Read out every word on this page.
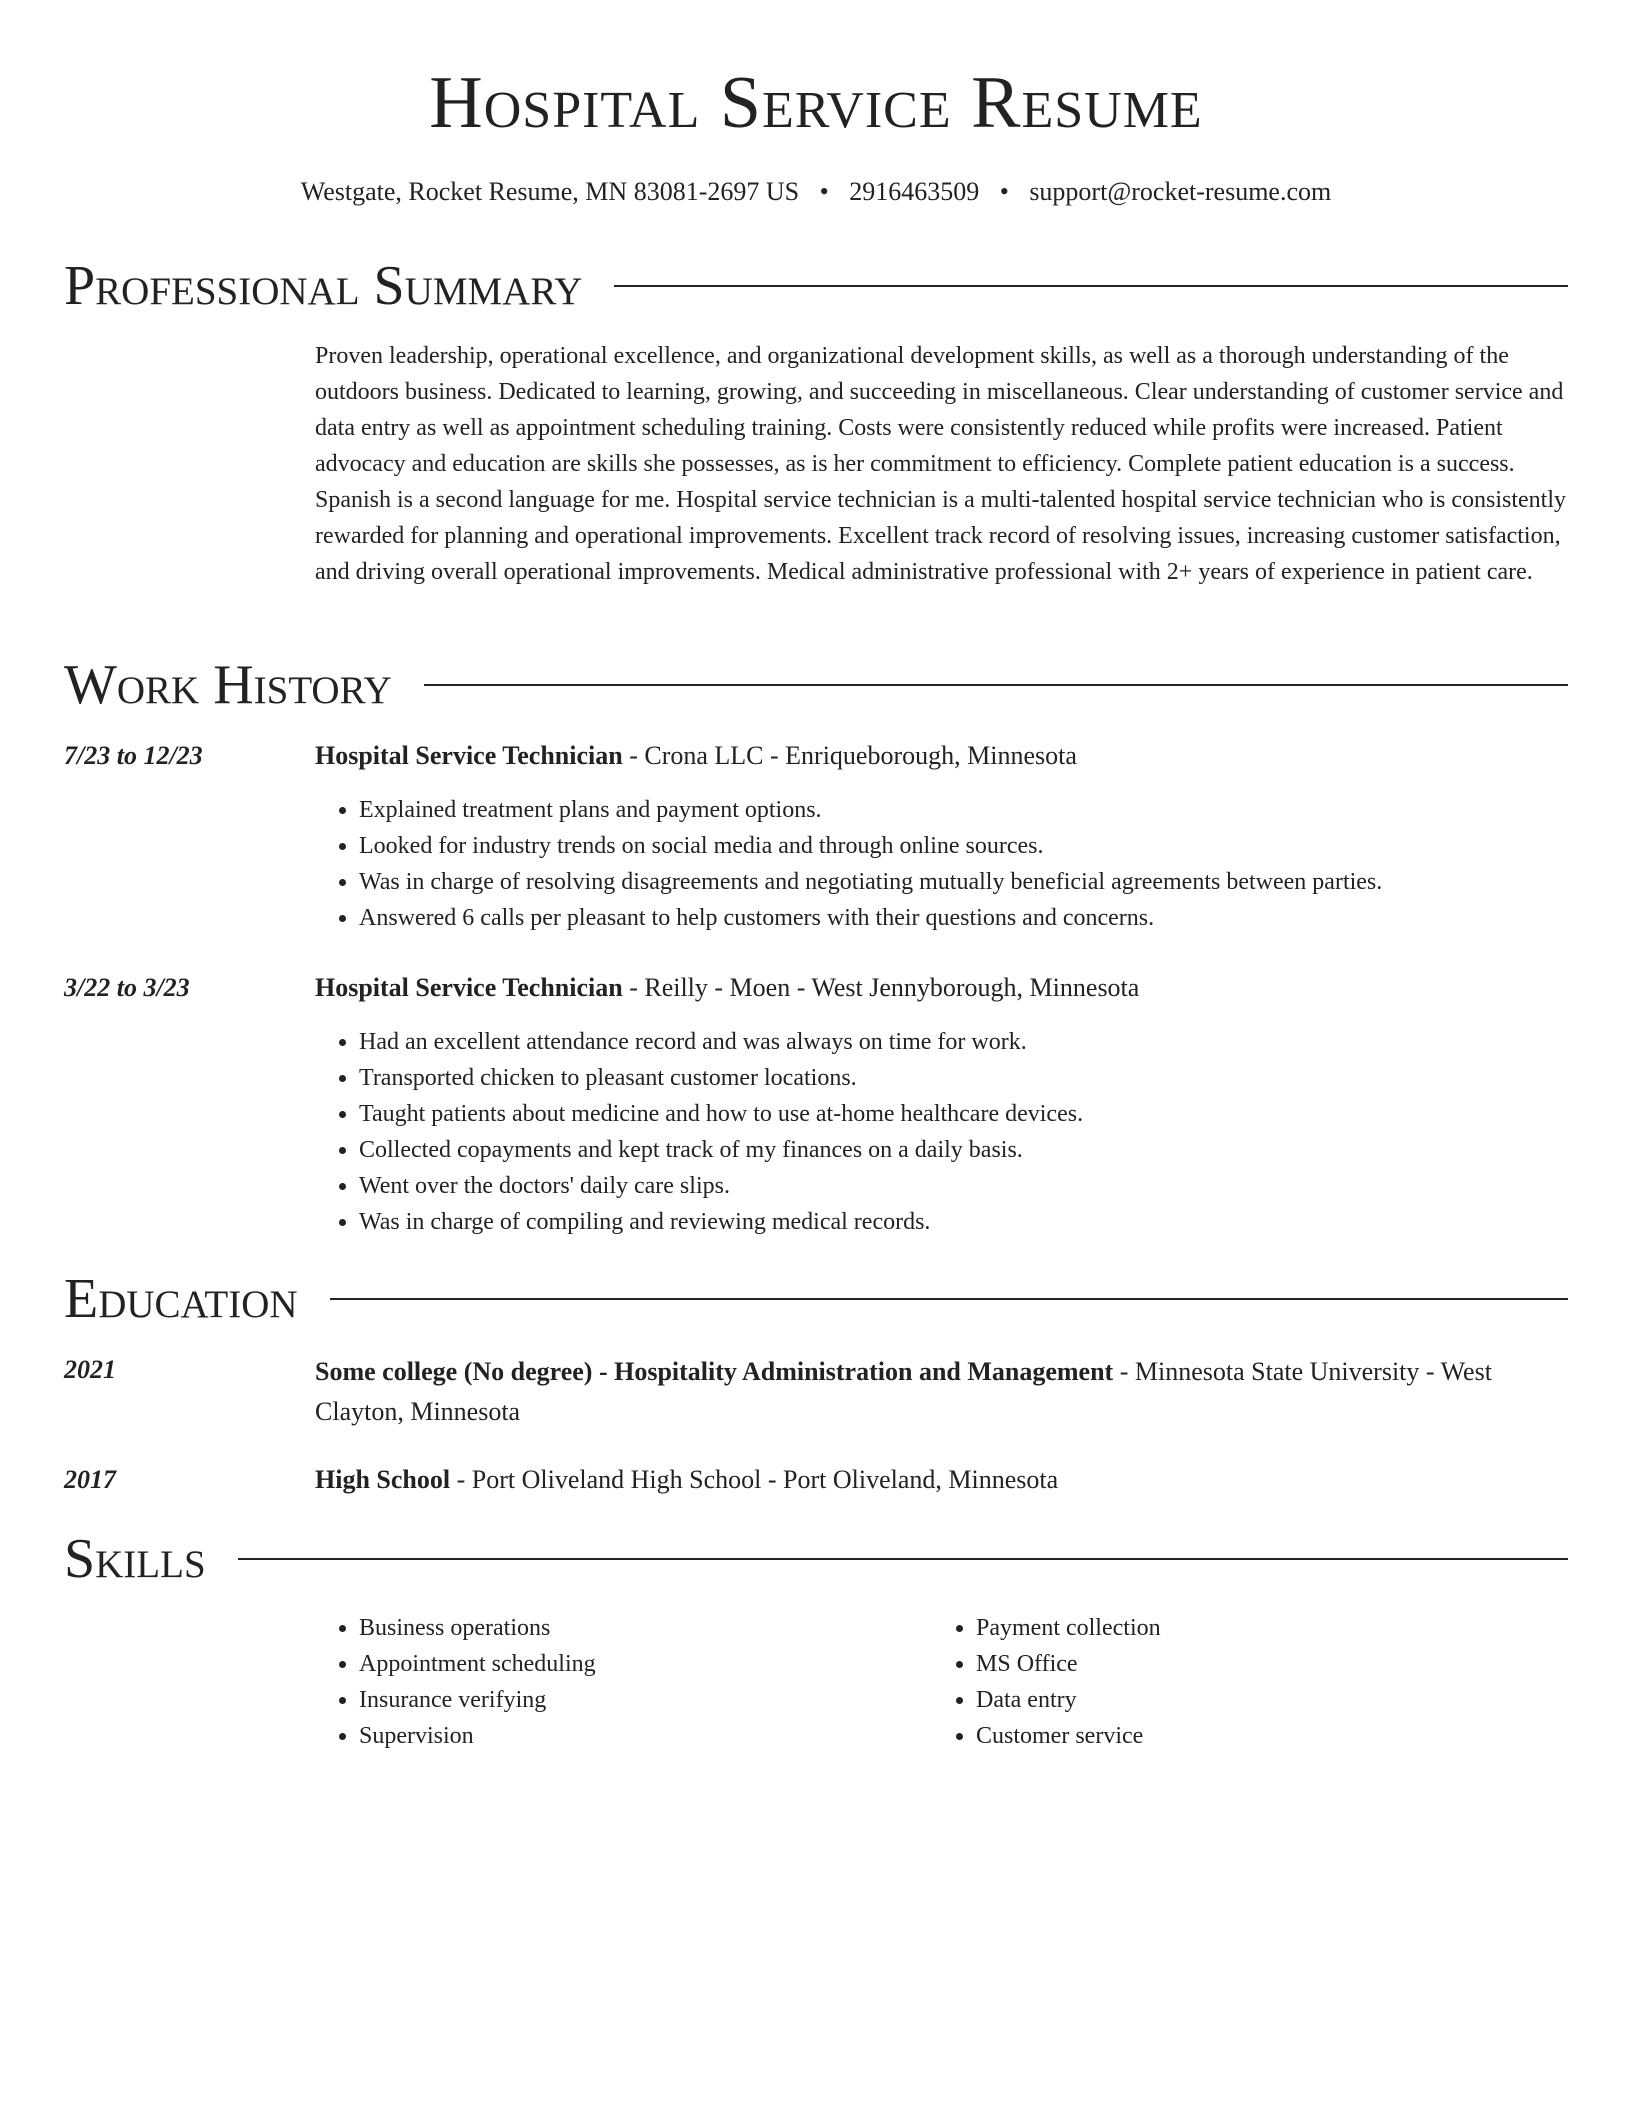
Hospital Service Resume
Westgate, Rocket Resume, MN 83081-2697 US • 2916463509 • support@rocket-resume.com
Professional Summary
Proven leadership, operational excellence, and organizational development skills, as well as a thorough understanding of the outdoors business. Dedicated to learning, growing, and succeeding in miscellaneous. Clear understanding of customer service and data entry as well as appointment scheduling training. Costs were consistently reduced while profits were increased. Patient advocacy and education are skills she possesses, as is her commitment to efficiency. Complete patient education is a success. Spanish is a second language for me. Hospital service technician is a multi-talented hospital service technician who is consistently rewarded for planning and operational improvements. Excellent track record of resolving issues, increasing customer satisfaction, and driving overall operational improvements. Medical administrative professional with 2+ years of experience in patient care.
Work History
7/23 to 12/23	Hospital Service Technician - Crona LLC - Enriqueborough, Minnesota
• Explained treatment plans and payment options.
• Looked for industry trends on social media and through online sources.
• Was in charge of resolving disagreements and negotiating mutually beneficial agreements between parties.
• Answered 6 calls per pleasant to help customers with their questions and concerns.
3/22 to 3/23	Hospital Service Technician - Reilly - Moen - West Jennyborough, Minnesota
• Had an excellent attendance record and was always on time for work.
• Transported chicken to pleasant customer locations.
• Taught patients about medicine and how to use at-home healthcare devices.
• Collected copayments and kept track of my finances on a daily basis.
• Went over the doctors' daily care slips.
• Was in charge of compiling and reviewing medical records.
Education
2021	Some college (No degree) - Hospitality Administration and Management - Minnesota State University - West Clayton, Minnesota
2017	High School - Port Oliveland High School - Port Oliveland, Minnesota
Skills
• Business operations
• Appointment scheduling
• Insurance verifying
• Supervision
• Payment collection
• MS Office
• Data entry
• Customer service
